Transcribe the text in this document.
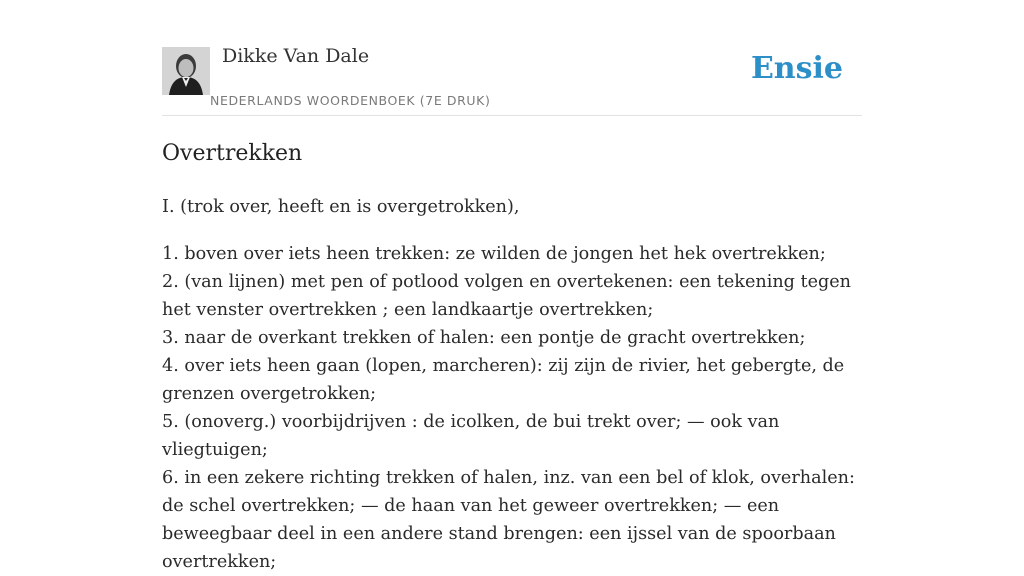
Dikke Van Dale
NEDERLANDS WOORDENBOEK (7E DRUK)
Ensie
Overtrekken

I. (trok over, heeft en is overgetrokken),

1. boven over iets heen trekken: ze wilden de jongen het hek overtrekken;
2. (van lijnen) met pen of potlood volgen en overtekenen: een tekening tegen het venster overtrekken ; een landkaartje overtrekken;
3. naar de overkant trekken of halen: een pontje de gracht overtrekken;
4. over iets heen gaan (lopen, marcheren): zij zijn de rivier, het gebergte, de grenzen overgetrokken;
5. (onoverg.) voorbijdrijven : de icolken, de bui trekt over; — ook van vliegtuigen;
6. in een zekere richting trekken of halen, inz. van een bel of klok, overhalen: de schel overtrekken; — de haan van het geweer overtrekken; — een beweegbaar deel in een andere stand brengen: een ijssel van de spoorbaan overtrekken;
